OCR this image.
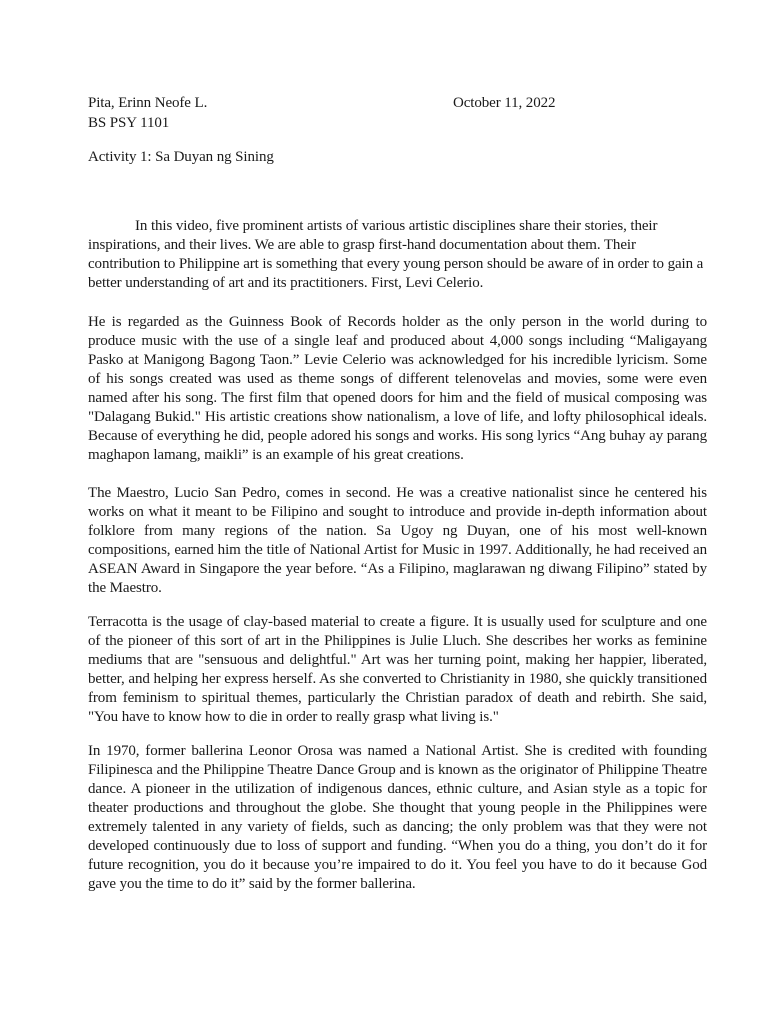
Pita, Erinn Neofe L.	October 11, 2022
BS PSY 1101
Activity 1: Sa Duyan ng Sining

In this video, five prominent artists of various artistic disciplines share their stories, their inspirations, and their lives. We are able to grasp first-hand documentation about them. Their contribution to Philippine art is something that every young person should be aware of in order to gain a better understanding of art and its practitioners. First, Levi Celerio.

He is regarded as the Guinness Book of Records holder as the only person in the world during to produce music with the use of a single leaf and produced about 4,000 songs including “Maligayang Pasko at Manigong Bagong Taon.” Levie Celerio was acknowledged for his incredible lyricism. Some of his songs created was used as theme songs of different telenovelas and movies, some were even named after his song. The first film that opened doors for him and the field of musical composing was "Dalagang Bukid." His artistic creations show nationalism, a love of life, and lofty philosophical ideals. Because of everything he did, people adored his songs and works. His song lyrics “Ang buhay ay parang maghapon lamang, maikli” is an example of his great creations.

The Maestro, Lucio San Pedro, comes in second. He was a creative nationalist since he centered his works on what it meant to be Filipino and sought to introduce and provide in-depth information about folklore from many regions of the nation. Sa Ugoy ng Duyan, one of his most well-known compositions, earned him the title of National Artist for Music in 1997. Additionally, he had received an ASEAN Award in Singapore the year before. “As a Filipino, maglarawan ng diwang Filipino” stated by the Maestro.

Terracotta is the usage of clay-based material to create a figure. It is usually used for sculpture and one of the pioneer of this sort of art in the Philippines is Julie Lluch. She describes her works as feminine mediums that are "sensuous and delightful." Art was her turning point, making her happier, liberated, better, and helping her express herself. As she converted to Christianity in 1980, she quickly transitioned from feminism to spiritual themes, particularly the Christian paradox of death and rebirth. She said, "You have to know how to die in order to really grasp what living is."

In 1970, former ballerina Leonor Orosa was named a National Artist. She is credited with founding Filipinesca and the Philippine Theatre Dance Group and is known as the originator of Philippine Theatre dance. A pioneer in the utilization of indigenous dances, ethnic culture, and Asian style as a topic for theater productions and throughout the globe. She thought that young people in the Philippines were extremely talented in any variety of fields, such as dancing; the only problem was that they were not developed continuously due to loss of support and funding. “When you do a thing, you don’t do it for future recognition, you do it because you’re impaired to do it. You feel you have to do it because God gave you the time to do it” said by the former ballerina.
